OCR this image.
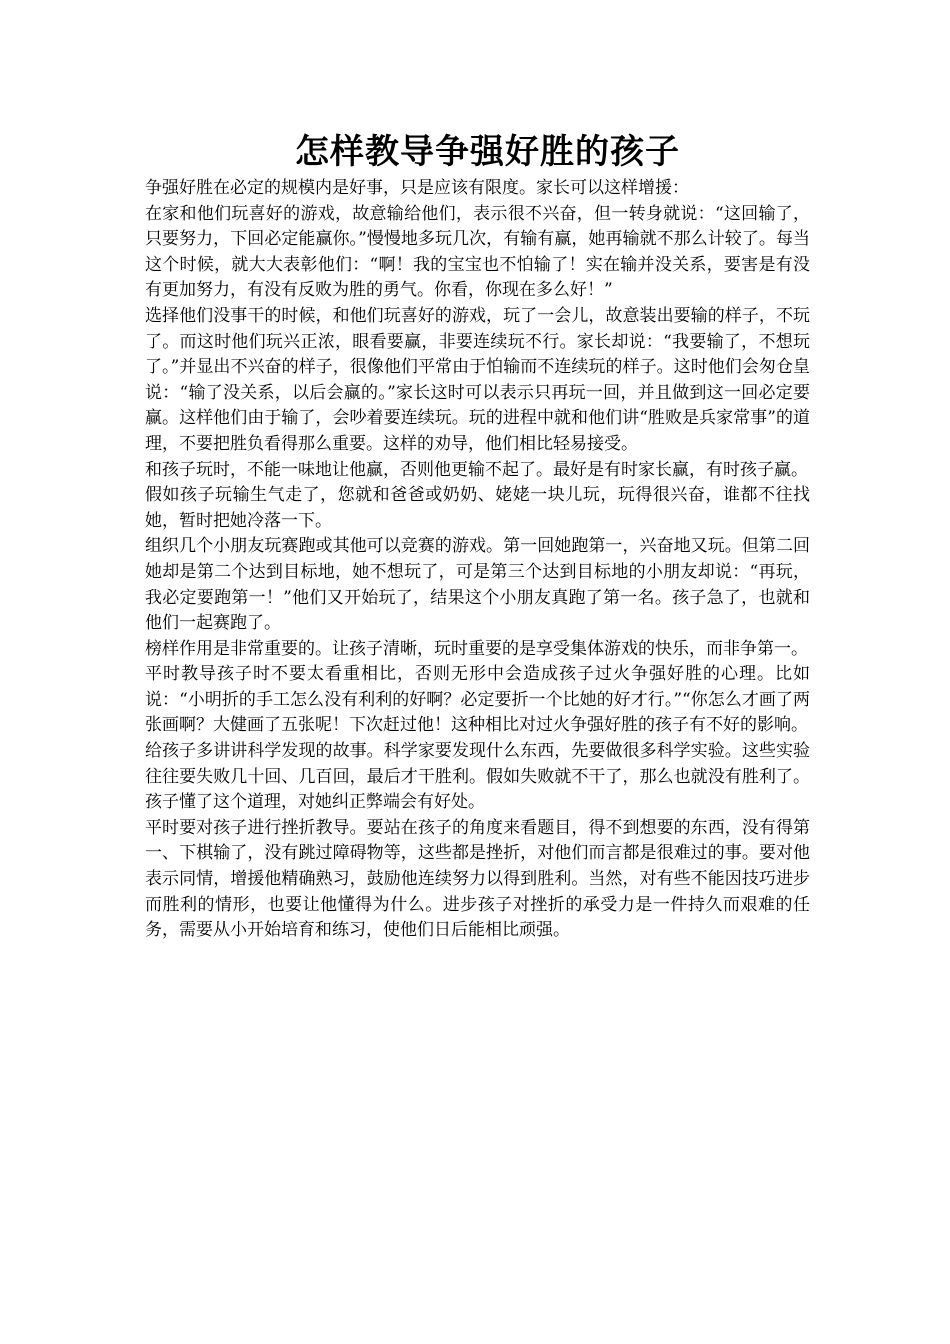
怎样教导争强好胜的孩子

争强好胜在必定的规模内是好事，只是应该有限度。家长可以这样增援：

在家和他们玩喜好的游戏，故意输给他们，表示很不兴奋，但一转身就说：“这回输了，只要努力，下回必定能赢你。”慢慢地多玩几次，有输有赢，她再输就不那么计较了。每当这个时候，就大大表彰他们：“啊！我的宝宝也不怕输了！实在输并没关系，要害是有没有更加努力，有没有反败为胜的勇气。你看，你现在多么好！”

选择他们没事干的时候，和他们玩喜好的游戏，玩了一会儿，故意装出要输的样子，不玩了。而这时他们玩兴正浓，眼看要赢，非要连续玩不行。家长却说：“我要输了，不想玩了。”并显出不兴奋的样子，很像他们平常由于怕输而不连续玩的样子。这时他们会匆仓皇说：“输了没关系，以后会赢的。”家长这时可以表示只再玩一回，并且做到这一回必定要赢。这样他们由于输了，会吵着要连续玩。玩的进程中就和他们讲“胜败是兵家常事”的道理，不要把胜负看得那么重要。这样的劝导，他们相比轻易接受。

和孩子玩时，不能一味地让他赢，否则他更输不起了。最好是有时家长赢，有时孩子赢。

假如孩子玩输生气走了，您就和爸爸或奶奶、姥姥一块儿玩，玩得很兴奋，谁都不往找她，暂时把她冷落一下。

组织几个小朋友玩赛跑或其他可以竞赛的游戏。第一回她跑第一，兴奋地又玩。但第二回她却是第二个达到目标地，她不想玩了，可是第三个达到目标地的小朋友却说：“再玩，我必定要跑第一！”他们又开始玩了，结果这个小朋友真跑了第一名。孩子急了，也就和他们一起赛跑了。

榜样作用是非常重要的。让孩子清晰，玩时重要的是享受集体游戏的快乐，而非争第一。

平时教导孩子时不要太看重相比，否则无形中会造成孩子过火争强好胜的心理。比如说：“小明折的手工怎么没有利利的好啊？必定要折一个比她的好才行。”“你怎么才画了两张画啊？大健画了五张呢！下次赶过他！这种相比对过火争强好胜的孩子有不好的影响。

给孩子多讲讲科学发现的故事。科学家要发现什么东西，先要做很多科学实验。这些实验往往要失败几十回、几百回，最后才干胜利。假如失败就不干了，那么也就没有胜利了。孩子懂了这个道理，对她纠正弊端会有好处。

平时要对孩子进行挫折教导。要站在孩子的角度来看题目，得不到想要的东西，没有得第一、下棋输了，没有跳过障碍物等，这些都是挫折，对他们而言都是很难过的事。要对他表示同情，增援他精确熟习，鼓励他连续努力以得到胜利。当然，对有些不能因技巧进步而胜利的情形，也要让他懂得为什么。进步孩子对挫折的承受力是一件持久而艰难的任务，需要从小开始培育和练习，使他们日后能相比顽强。
